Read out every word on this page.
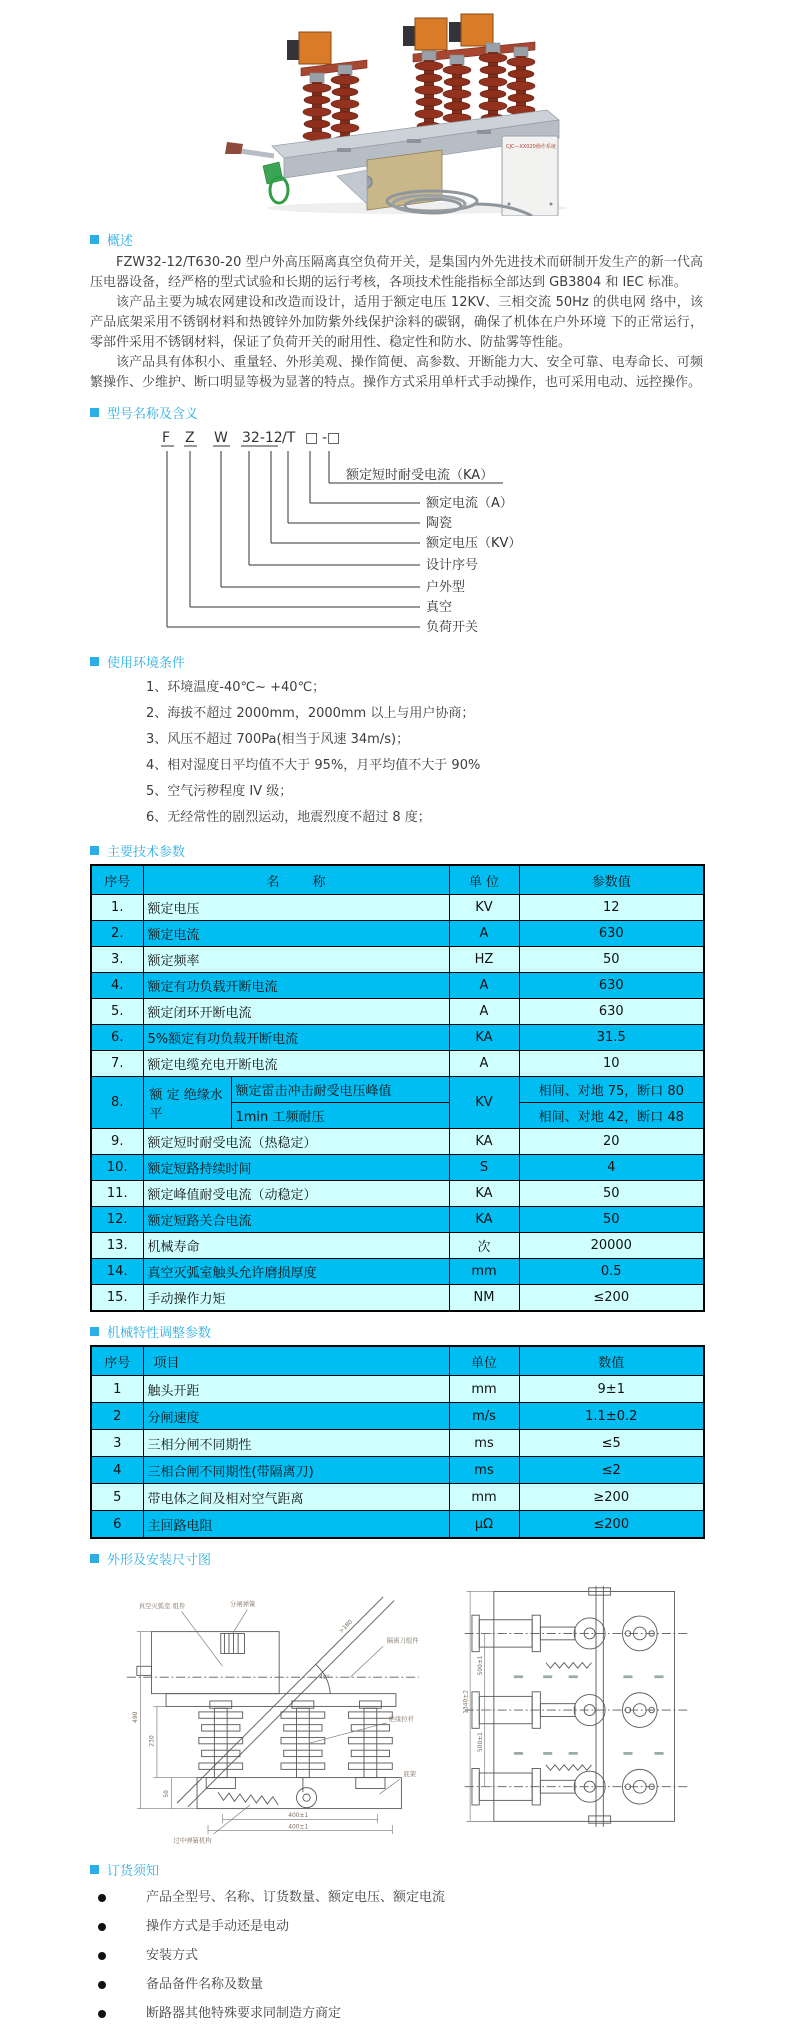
CJC—XX020操作系统
概述

FZW32-12/T630-20 型户外高压隔离真空负荷开关，是集国内外先进技术而研制开发生产的新一代高压电器设备，经严格的型式试验和长期的运行考核，各项技术性能指标全部达到 GB3804 和 IEC 标准。

该产品主要为城农网建设和改造而设计，适用于额定电压 12KV、三相交流 50Hz 的供电网 络中，该产品底架采用不锈钢材料和热镀锌外加防紫外线保护涂料的碳钢，确保了机体在户外环境 下的正常运行，零部件采用不锈钢材料，保证了负荷开关的耐用性、稳定性和防水、防盐雾等性能。

该产品具有体积小、重量轻、外形美观、操作简便、高参数、开断能力大、安全可靠、电寿命长、可频繁操作、少维护、断口明显等极为显著的特点。操作方式采用单杆式手动操作，也可采用电动、远控操作。

型号名称及含义
F Z W 32-12 /T □ -□
额定短时耐受电流（KA）
额定电流（A）
陶瓷
额定电压（KV）
设计序号
户外型
真空
负荷开关
使用环境条件
1、环境温度-40℃~ +40℃；
2、海拔不超过 2000mm，2000mm 以上与用户协商；
3、风压不超过 700Pa(相当于风速 34m/s)；
4、相对湿度日平均值不大于 95%，月平均值不大于 90%
5、空气污秽程度 IV 级；
6、无经常性的剧烈运动，地震烈度不超过 8 度；
主要技术参数
序号	名        称		单 位	参数值
1.	额定电压		KV	12
2.	额定电流		A	630
3.	额定频率		HZ	50
4.	额定有功负载开断电流		A	630
5.	额定闭环开断电流		A	630
6.	5%额定有功负载开断电流		KA	31.5
7.	额定电缆充电开断电流		A	10
8.	额 定 绝缘水平	额定雷击冲击耐受电压峰值	KV	相间、对地 75，断口 80
		1min 工频耐压		相间、对地 42，断口 48
9.	额定短时耐受电流（热稳定）		KA	20
10.	额定短路持续时间		S	4
11.	额定峰值耐受电流（动稳定）		KA	50
12.	额定短路关合电流		KA	50
13.	机械寿命		次	20000
14.	真空灭弧室触头允许磨损厚度		mm	0.5
15.	手动操作力矩		NM	≤200
机械特性调整参数
序号	项目	单位	数值
1	触头开距	mm	9±1
2	分闸速度	m/s	1.1±0.2
3	三相分闸不同期性	ms	≤5
4	三相合闸不同期性(带隔离刀)	ms	≤2
5	带电体之间及相对空气距离	mm	≥200
6	主回路电阻	μΩ	≤200
外形及安装尺寸图
真空灭弧室 组件	分闸弹簧
隔离刀组件
绝缘拉杆
底架
过中弹簧机构
490
230
50
400±1
400±1
40°
>180
1340±2
500±1
500±1
订货须知
产品全型号、名称、订货数量、额定电压、额定电流
操作方式是手动还是电动
安装方式
备品备件名称及数量
断路器其他特殊要求同制造方商定
